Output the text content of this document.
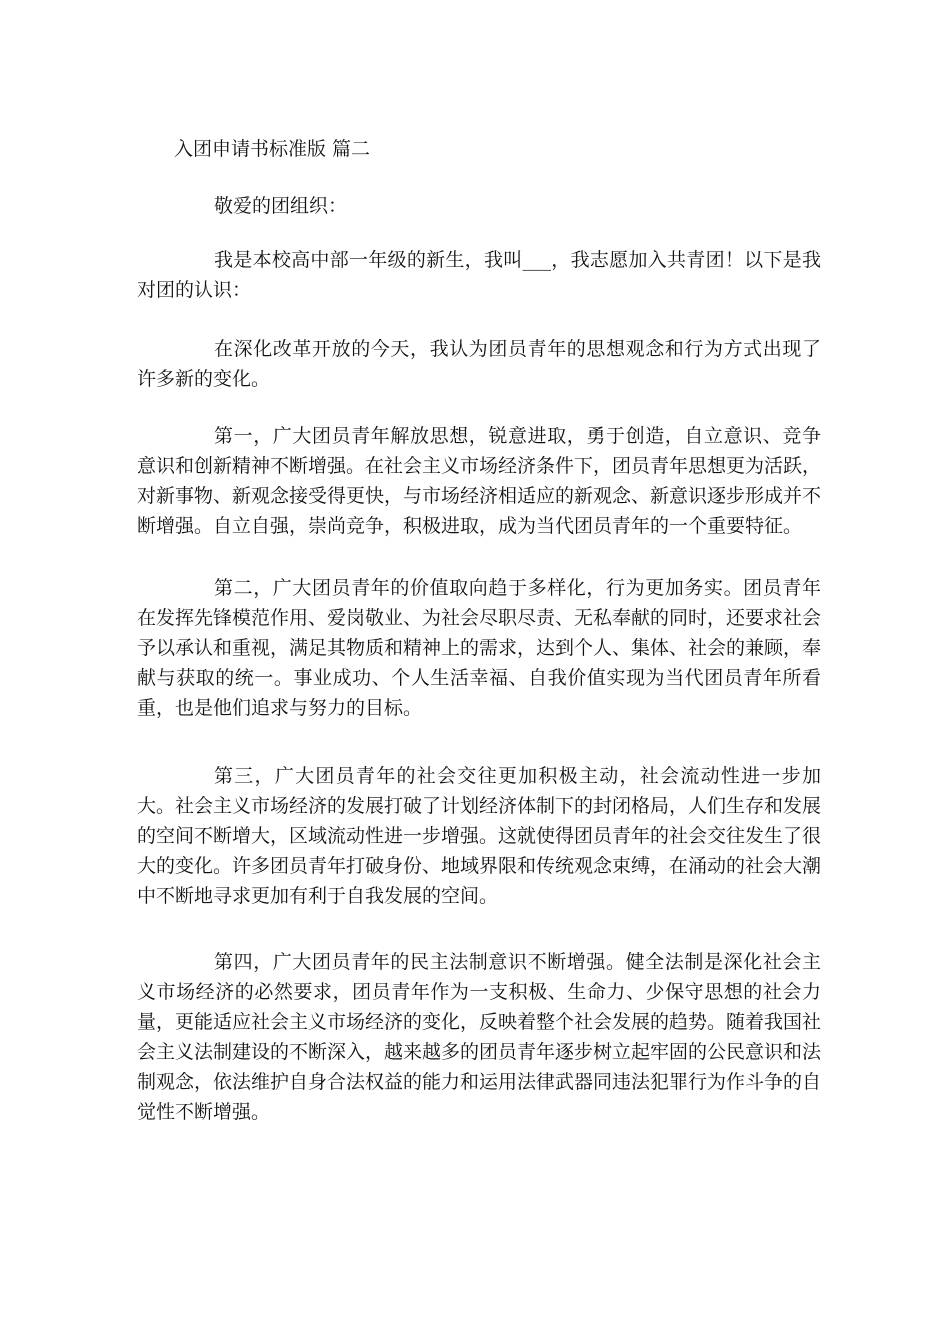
入团申请书标准版 篇二
敬爱的团组织：

我是本校高中部一年级的新生，我叫___，我志愿加入共青团！以下是我对团的认识：

在深化改革开放的今天，我认为团员青年的思想观念和行为方式出现了许多新的变化。

第一，广大团员青年解放思想，锐意进取，勇于创造，自立意识、竞争意识和创新精神不断增强。在社会主义市场经济条件下，团员青年思想更为活跃，对新事物、新观念接受得更快，与市场经济相适应的新观念、新意识逐步形成并不断增强。自立自强，崇尚竞争，积极进取，成为当代团员青年的一个重要特征。

第二，广大团员青年的价值取向趋于多样化，行为更加务实。团员青年在发挥先锋模范作用、爱岗敬业、为社会尽职尽责、无私奉献的同时，还要求社会予以承认和重视，满足其物质和精神上的需求，达到个人、集体、社会的兼顾，奉献与获取的统一。事业成功、个人生活幸福、自我价值实现为当代团员青年所看重，也是他们追求与努力的目标。

第三，广大团员青年的社会交往更加积极主动，社会流动性进一步加大。社会主义市场经济的发展打破了计划经济体制下的封闭格局，人们生存和发展的空间不断增大，区域流动性进一步增强。这就使得团员青年的社会交往发生了很大的变化。许多团员青年打破身份、地域界限和传统观念束缚，在涌动的社会大潮中不断地寻求更加有利于自我发展的空间。

第四，广大团员青年的民主法制意识不断增强。健全法制是深化社会主义市场经济的必然要求，团员青年作为一支积极、生命力、少保守思想的社会力量，更能适应社会主义市场经济的变化，反映着整个社会发展的趋势。随着我国社会主义法制建设的不断深入，越来越多的团员青年逐步树立起牢固的公民意识和法制观念，依法维护自身合法权益的能力和运用法律武器同违法犯罪行为作斗争的自觉性不断增强。
